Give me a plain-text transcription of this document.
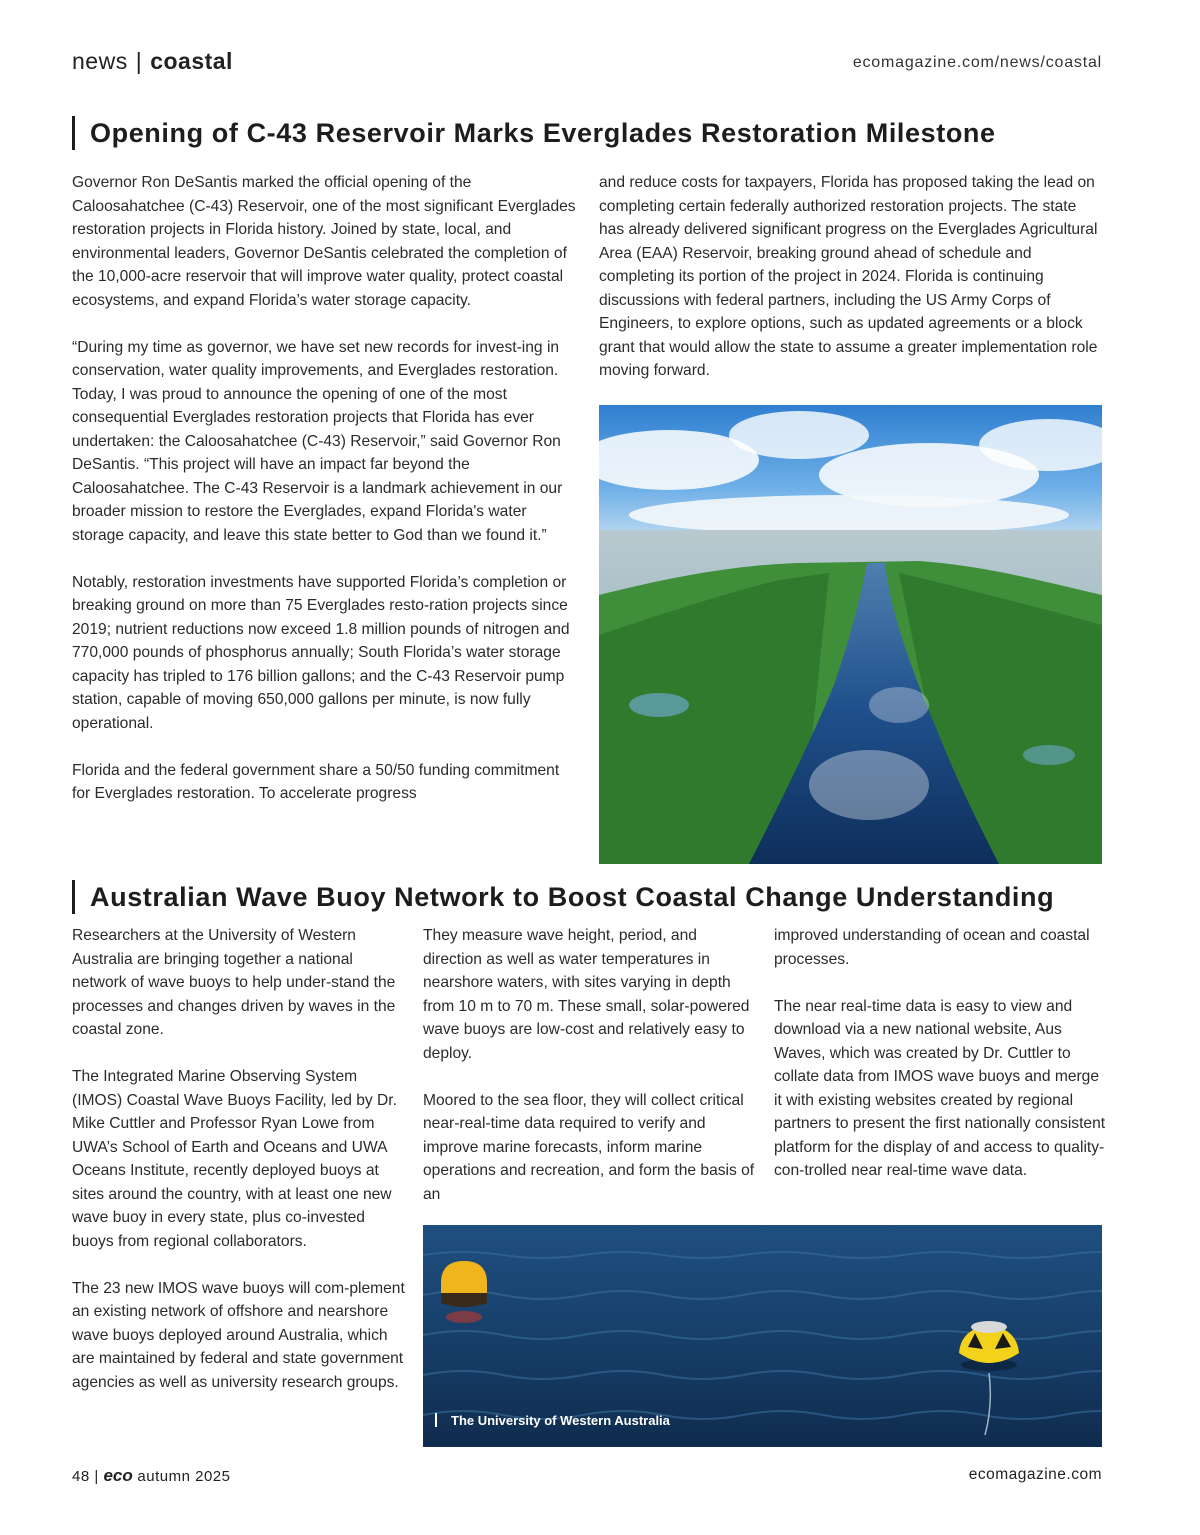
news | coastal	ecomagazine.com/news/coastal
Opening of C-43 Reservoir Marks Everglades Restoration Milestone

Governor Ron DeSantis marked the official opening of the Caloosahatchee (C-43) Reservoir, one of the most significant Everglades restoration projects in Florida history. Joined by state, local, and environmental leaders, Governor DeSantis celebrated the completion of the 10,000-acre reservoir that will improve water quality, protect coastal ecosystems, and expand Florida’s water storage capacity.

“During my time as governor, we have set new records for invest-ing in conservation, water quality improvements, and Everglades restoration. Today, I was proud to announce the opening of one of the most consequential Everglades restoration projects that Florida has ever undertaken: the Caloosahatchee (C-43) Reservoir,” said Governor Ron DeSantis. “This project will have an impact far beyond the Caloosahatchee. The C-43 Reservoir is a landmark achievement in our broader mission to restore the Everglades, expand Florida's water storage capacity, and leave this state better to God than we found it.”

Notably, restoration investments have supported Florida’s completion or breaking ground on more than 75 Everglades resto-ration projects since 2019; nutrient reductions now exceed 1.8 million pounds of nitrogen and 770,000 pounds of phosphorus annually; South Florida’s water storage capacity has tripled to 176 billion gallons; and the C-43 Reservoir pump station, capable of moving 650,000 gallons per minute, is now fully operational.

Florida and the federal government share a 50/50 funding commitment for Everglades restoration. To accelerate progress

and reduce costs for taxpayers, Florida has proposed taking the lead on completing certain federally authorized restoration projects. The state has already delivered significant progress on the Everglades Agricultural Area (EAA) Reservoir, breaking ground ahead of schedule and completing its portion of the project in 2024. Florida is continuing discussions with federal partners, including the US Army Corps of Engineers, to explore options, such as updated agreements or a block grant that would allow the state to assume a greater implementation role moving forward.

Australian Wave Buoy Network to Boost Coastal Change Understanding

Researchers at the University of Western Australia are bringing together a national network of wave buoys to help under-stand the processes and changes driven by waves in the coastal zone.

The Integrated Marine Observing System (IMOS) Coastal Wave Buoys Facility, led by Dr. Mike Cuttler and Professor Ryan Lowe from UWA’s School of Earth and Oceans and UWA Oceans Institute, recently deployed buoys at sites around the country, with at least one new wave buoy in every state, plus co-invested buoys from regional collaborators.

The 23 new IMOS wave buoys will com-plement an existing network of offshore and nearshore wave buoys deployed around Australia, which are maintained by federal and state government agencies as well as university research groups.

They measure wave height, period, and direction as well as water temperatures in nearshore waters, with sites varying in depth from 10 m to 70 m. These small, solar-powered wave buoys are low-cost and relatively easy to deploy.

Moored to the sea floor, they will collect critical near-real-time data required to verify and improve marine forecasts, inform marine operations and recreation, and form the basis of an

improved understanding of ocean and coastal processes.

The near real-time data is easy to view and download via a new national website, Aus Waves, which was created by Dr. Cuttler to collate data from IMOS wave buoys and merge it with existing websites created by regional partners to present the first nationally consistent platform for the display of and access to quality-con-trolled near real-time wave data.

The University of Western Australia
48 | eco autumn 2025	ecomagazine.com
